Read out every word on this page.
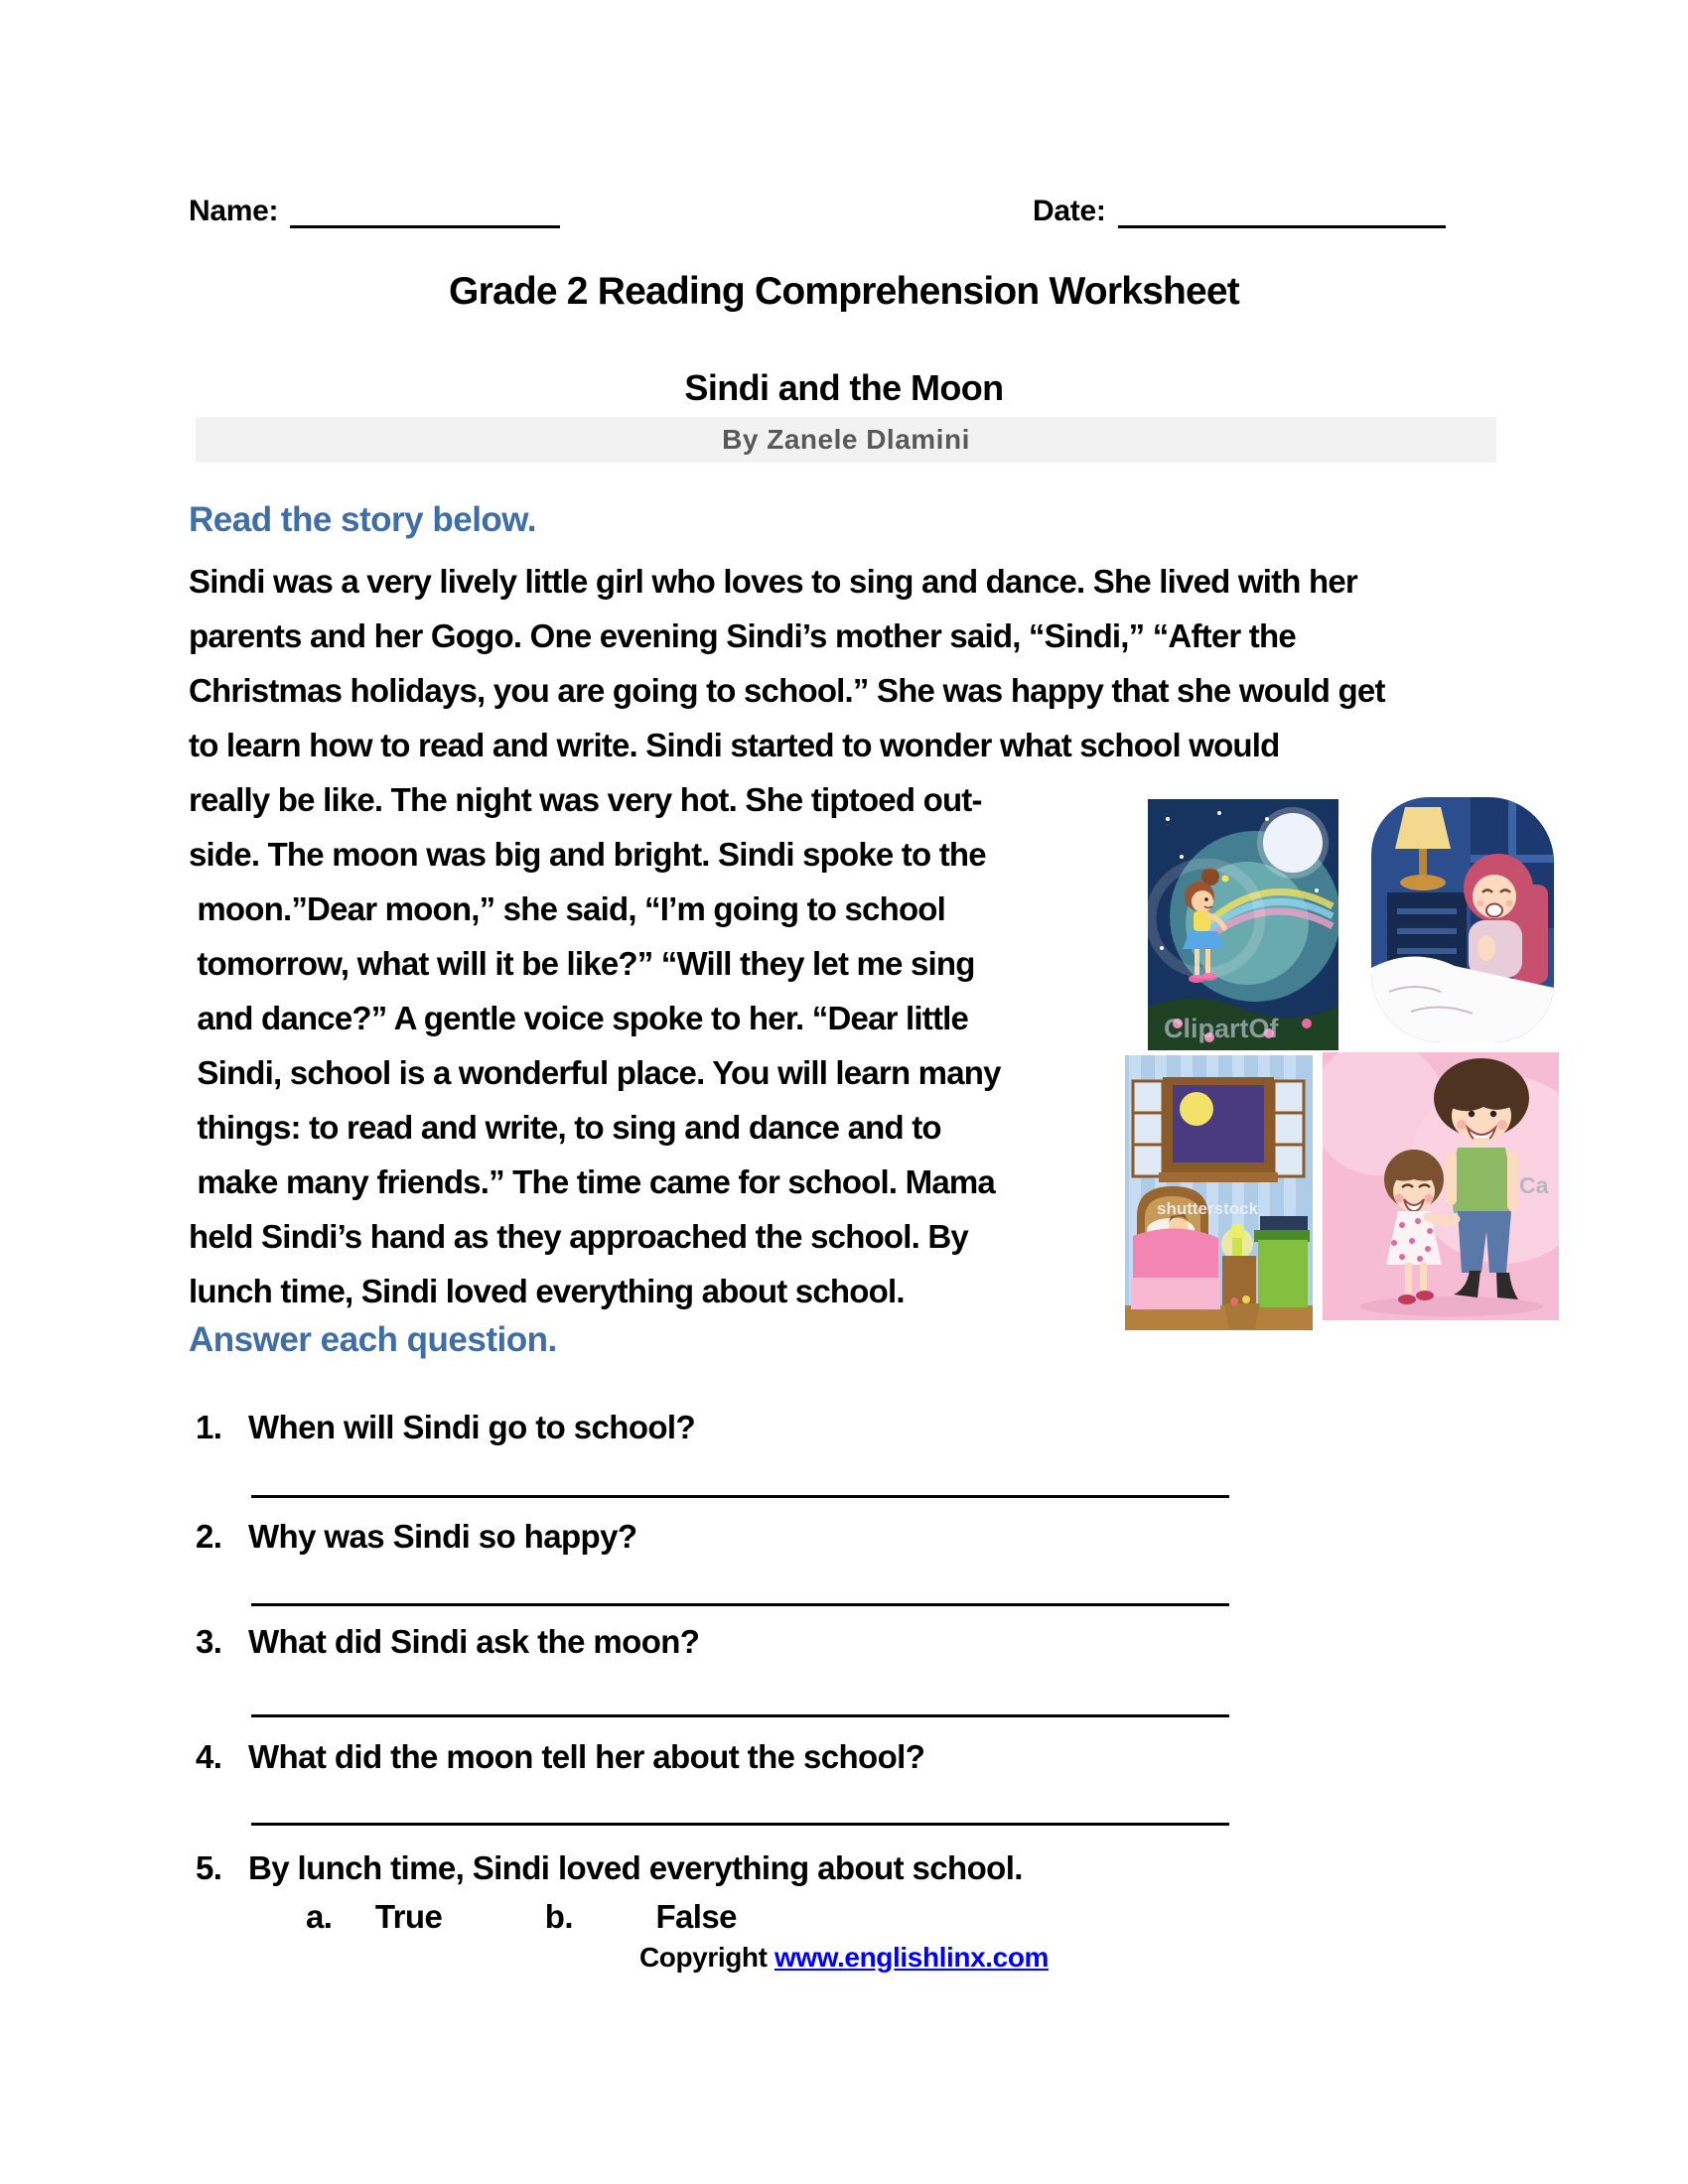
Name:	Date:
Grade 2 Reading Comprehension Worksheet
Sindi and the Moon
By Zanele Dlamini
Read the story below.
Sindi was a very lively little girl who loves to sing and dance. She lived with her
parents and her Gogo. One evening Sindi’s mother said, “Sindi,” “After the
Christmas holidays, you are going to school.” She was happy that she would get
to learn how to read and write. Sindi started to wonder what school would
really be like. The night was very hot. She tiptoed out-
side. The moon was big and bright. Sindi spoke to the
moon.”Dear moon,” she said, “I’m going to school
tomorrow, what will it be like?” “Will they let me sing
and dance?” A gentle voice spoke to her. “Dear little
Sindi, school is a wonderful place. You will learn many
things: to read and write, to sing and dance and to
make many friends.” The time came for school. Mama
held Sindi’s hand as they approached the school. By
lunch time, Sindi loved everything about school.
ClipartOf
shutterstock
Ca
Answer each question.
1. When will Sindi go to school?
2. Why was Sindi so happy?
3. What did Sindi ask the moon?
4. What did the moon tell her about the school?
5. By lunch time, Sindi loved everything about school.
a. True	b.	False
Copyright www.englishlinx.com
